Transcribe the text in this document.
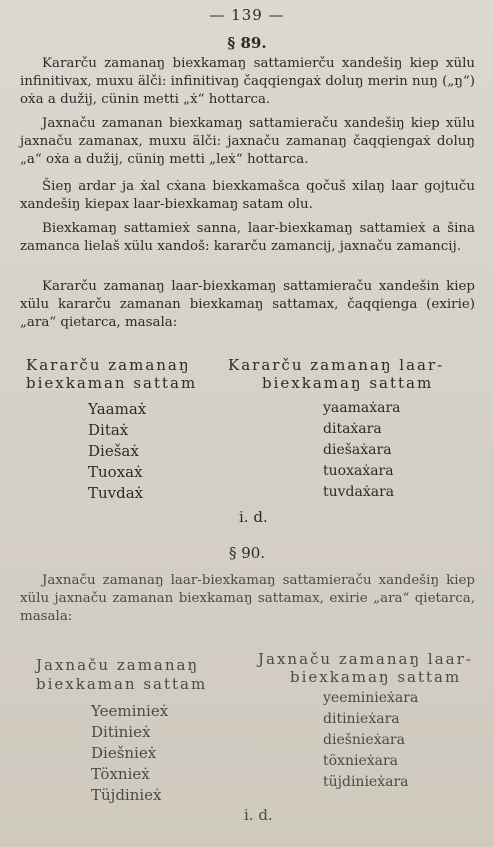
— 139 —
§ 89.
Kararču zamanaŋ biexkamaŋ sattamierču xandešiŋ kiep xülu infinitivax, muxu älči: infinitivaŋ čaqqiengaẋ doluŋ merin nuŋ („ŋ“) oẋa a dužij, cünin metti „ẋ“ hottarca.
Jaxnaču zamanan biexkamaŋ sattamieraču xandešiŋ kiep xülu jaxnaču zamanax, muxu älči: jaxnaču zamanaŋ čaqqiengaẋ doluŋ „a“ oẋa a dužij, cüniŋ metti „leẋ“ hottarca.
Šieŋ ardar ja ẋal cẋana biexkamašca qočuš xilaŋ laar gojtuču xandešiŋ kiepax laar-biexkamaŋ satam olu.
Biexkamaŋ sattamieẋ sanna, laar-biexkamaŋ sattamieẋ a šina zamanca lielaš xülu xandoš: kararču zamancij, jaxnaču zamancij.
Kararču zamanaŋ laar-biexkamaŋ sattamieraču xandešin kiep xülu kararču zamanan biexkamaŋ sattamax, čaqqienga (exirie) „ara“ qietarca, masala:
Kararču zamanaŋ
biexkaman sattam
Kararču zamanaŋ laar-
biexkamaŋ sattam
Yaamaẋ
Ditaẋ
Diešaẋ
Tuoxaẋ
Tuvdaẋ
yaamaẋara
ditaẋara
diešaẋara
tuoxaẋara
tuvdaẋara
i. d.
§ 90.
Jaxnaču zamanaŋ laar-biexkamaŋ sattamieraču xandešiŋ kiep xülu jaxnaču zamanan biexkamaŋ sattamax, exirie „ara“ qietarca, masala:
Jaxnaču zamanaŋ
biexkaman sattam
Jaxnaču zamanaŋ laar-
biexkamaŋ sattam
Yeeminieẋ
Ditinieẋ
Diešnieẋ
Töxnieẋ
Tüjdinieẋ
yeeminieẋara
ditinieẋara
diešnieẋara
töxnieẋara
tüjdinieẋara
i. d.
